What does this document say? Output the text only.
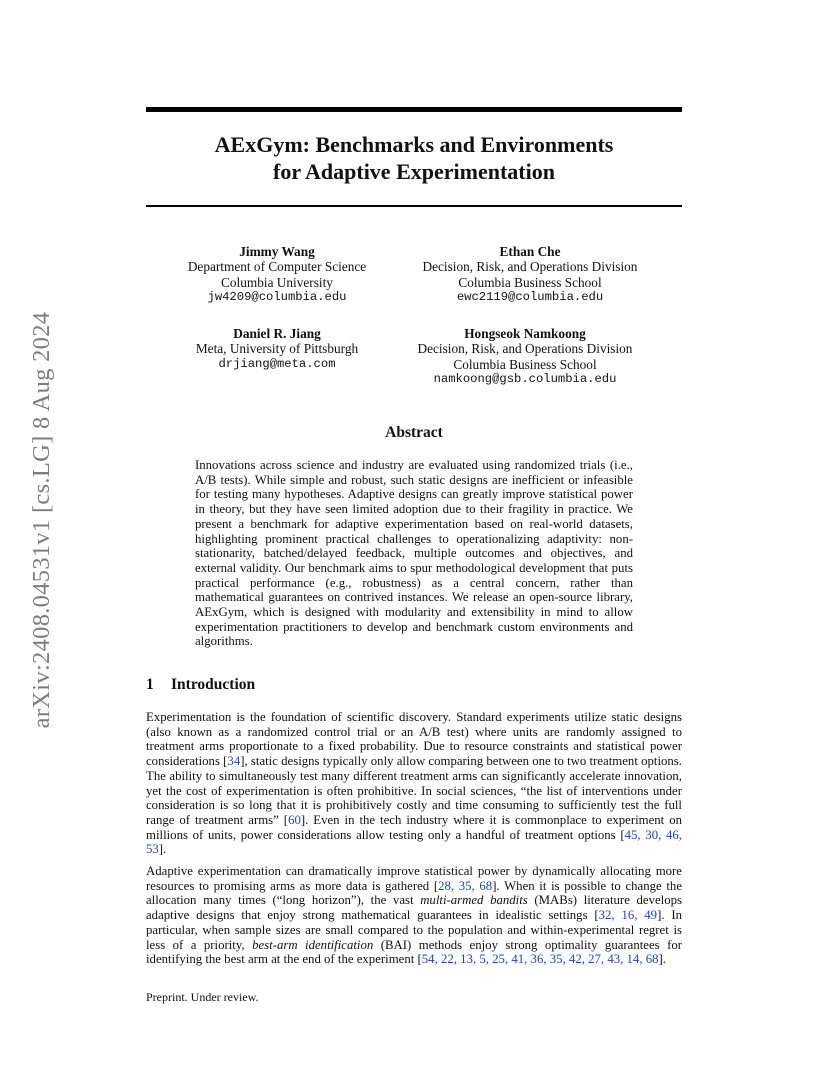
arXiv:2408.04531v1 [cs.LG] 8 Aug 2024
AExGym: Benchmarks and Environments
for Adaptive Experimentation
Jimmy Wang
Department of Computer Science
Columbia University
jw4209@columbia.edu
Ethan Che
Decision, Risk, and Operations Division
Columbia Business School
ewc2119@columbia.edu
Daniel R. Jiang
Meta, University of Pittsburgh
drjiang@meta.com
Hongseok Namkoong
Decision, Risk, and Operations Division
Columbia Business School
namkoong@gsb.columbia.edu
Abstract
Innovations across science and industry are evaluated using randomized trials (i.e., A/B tests). While simple and robust, such static designs are inefficient or infeasible for testing many hypotheses. Adaptive designs can greatly improve statistical power in theory, but they have seen limited adoption due to their fragility in practice. We present a benchmark for adaptive experimentation based on real-world datasets, highlighting prominent practical challenges to operationalizing adaptivity: non-stationarity, batched/delayed feedback, multiple outcomes and objectives, and external validity. Our benchmark aims to spur methodological development that puts practical performance (e.g., robustness) as a central concern, rather than mathematical guarantees on contrived instances. We release an open-source library, AExGym, which is designed with modularity and extensibility in mind to allow experimentation practitioners to develop and benchmark custom environments and algorithms.
1 Introduction
Experimentation is the foundation of scientific discovery. Standard experiments utilize static designs (also known as a randomized control trial or an A/B test) where units are randomly assigned to treatment arms proportionate to a fixed probability. Due to resource constraints and statistical power considerations [34], static designs typically only allow comparing between one to two treatment options. The ability to simultaneously test many different treatment arms can significantly accelerate innovation, yet the cost of experimentation is often prohibitive. In social sciences, “the list of interventions under consideration is so long that it is prohibitively costly and time consuming to sufficiently test the full range of treatment arms” [60]. Even in the tech industry where it is commonplace to experiment on millions of units, power considerations allow testing only a handful of treatment options [45, 30, 46, 53].
Adaptive experimentation can dramatically improve statistical power by dynamically allocating more resources to promising arms as more data is gathered [28, 35, 68]. When it is possible to change the allocation many times (“long horizon”), the vast multi-armed bandits (MABs) literature develops adaptive designs that enjoy strong mathematical guarantees in idealistic settings [32, 16, 49]. In particular, when sample sizes are small compared to the population and within-experimental regret is less of a priority, best-arm identification (BAI) methods enjoy strong optimality guarantees for identifying the best arm at the end of the experiment [54, 22, 13, 5, 25, 41, 36, 35, 42, 27, 43, 14, 68].
Preprint. Under review.
